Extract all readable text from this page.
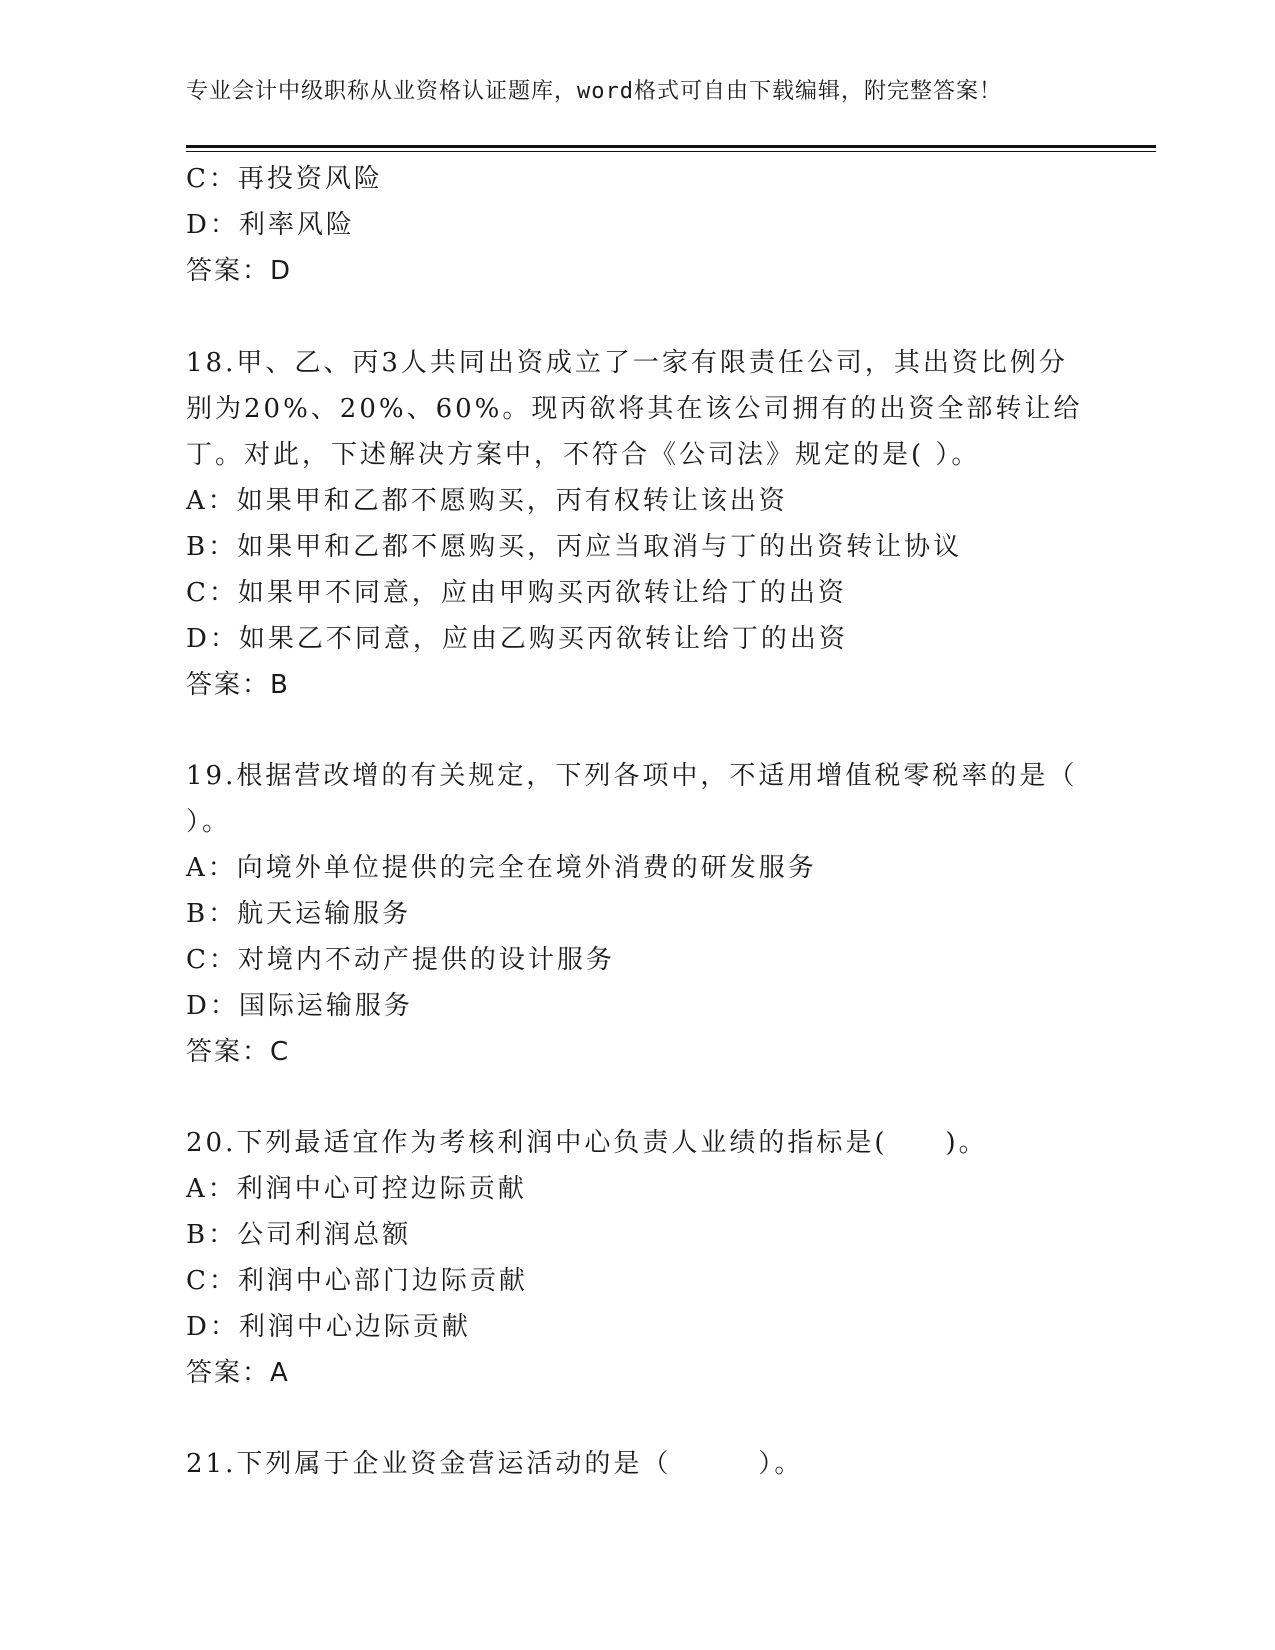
专业会计中级职称从业资格认证题库，word格式可自由下载编辑，附完整答案！
C：再投资风险
D：利率风险
答案：D
18.甲、乙、丙3人共同出资成立了一家有限责任公司，其出资比例分
别为20%、20%、60%。现丙欲将其在该公司拥有的出资全部转让给
丁。对此，下述解决方案中，不符合《公司法》规定的是( ）。
A：如果甲和乙都不愿购买，丙有权转让该出资
B：如果甲和乙都不愿购买，丙应当取消与丁的出资转让协议
C：如果甲不同意，应由甲购买丙欲转让给丁的出资
D：如果乙不同意，应由乙购买丙欲转让给丁的出资
答案：B
19.根据营改增的有关规定，下列各项中，不适用增值税零税率的是（
）。
A：向境外单位提供的完全在境外消费的研发服务
B：航天运输服务
C：对境内不动产提供的设计服务
D：国际运输服务
答案：C
20.下列最适宜作为考核利润中心负责人业绩的指标是(　　)。
A：利润中心可控边际贡献
B：公司利润总额
C：利润中心部门边际贡献
D：利润中心边际贡献
答案：A
21.下列属于企业资金营运活动的是（　　　）。
